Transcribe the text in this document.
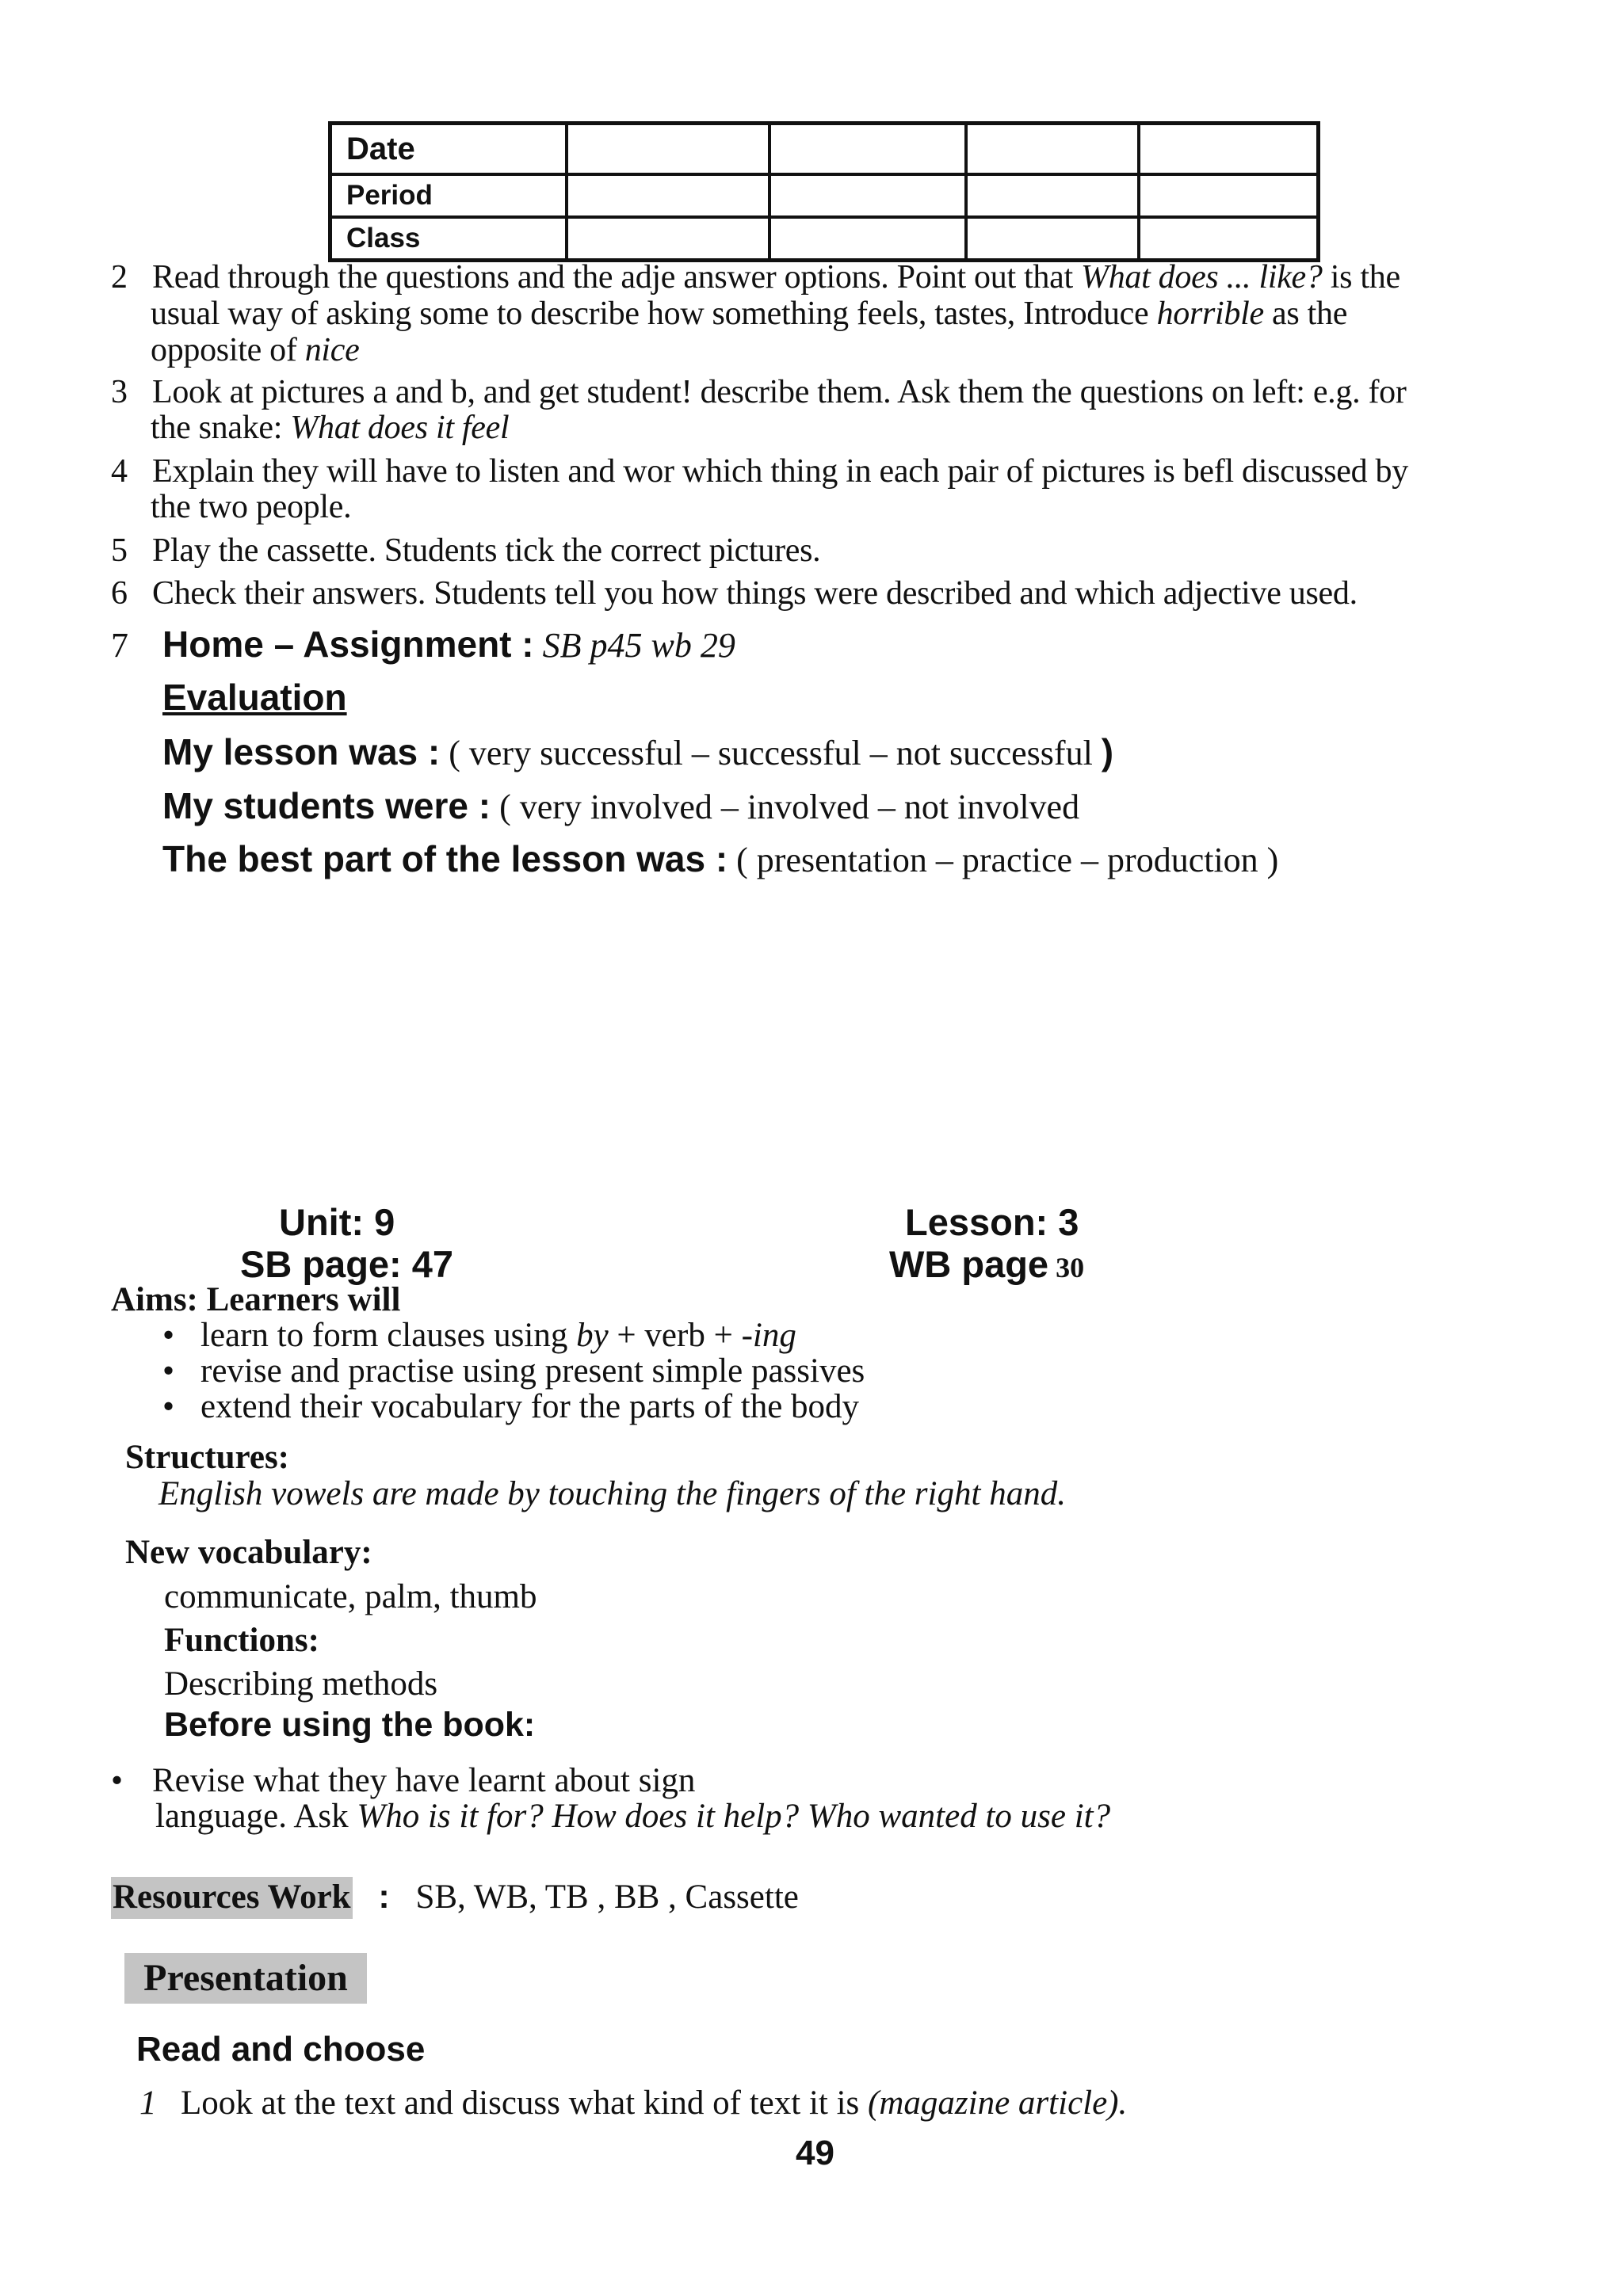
Date				
Period				
Class				
2 Read through the questions and the adje answer options. Point out that What does ... like? is the
usual way of asking some to describe how something feels, tastes, Introduce horrible as the
opposite of nice
3 Look at pictures a and b, and get student! describe them. Ask them the questions on left: e.g. for
the snake: What does it feel
4 Explain they will have to listen and wor which thing in each pair of pictures is befl discussed by
the two people.
5 Play the cassette. Students tick the correct pictures.
6 Check their answers. Students tell you how things were described and which adjective used.
7 Home – Assignment : SB p45 wb 29
Evaluation
My lesson was : ( very successful – successful – not successful )
My students were : ( very involved – involved – not involved
The best part of the lesson was : ( presentation – practice – production )
Unit: 9	Lesson: 3
SB page: 47	WB page 30
Aims: Learners will
• learn to form clauses using by + verb + -ing
• revise and practise using present simple passives
• extend their vocabulary for the parts of the body
Structures:
English vowels are made by touching the fingers of the right hand.
New vocabulary:
communicate, palm, thumb
Functions:
Describing methods
Before using the book:
• Revise what they have learnt about sign
language. Ask Who is it for? How does it help? Who wanted to use it?
Resources Work : SB, WB, TB , BB , Cassette
Presentation
Read and choose
1 Look at the text and discuss what kind of text it is (magazine article).
49
